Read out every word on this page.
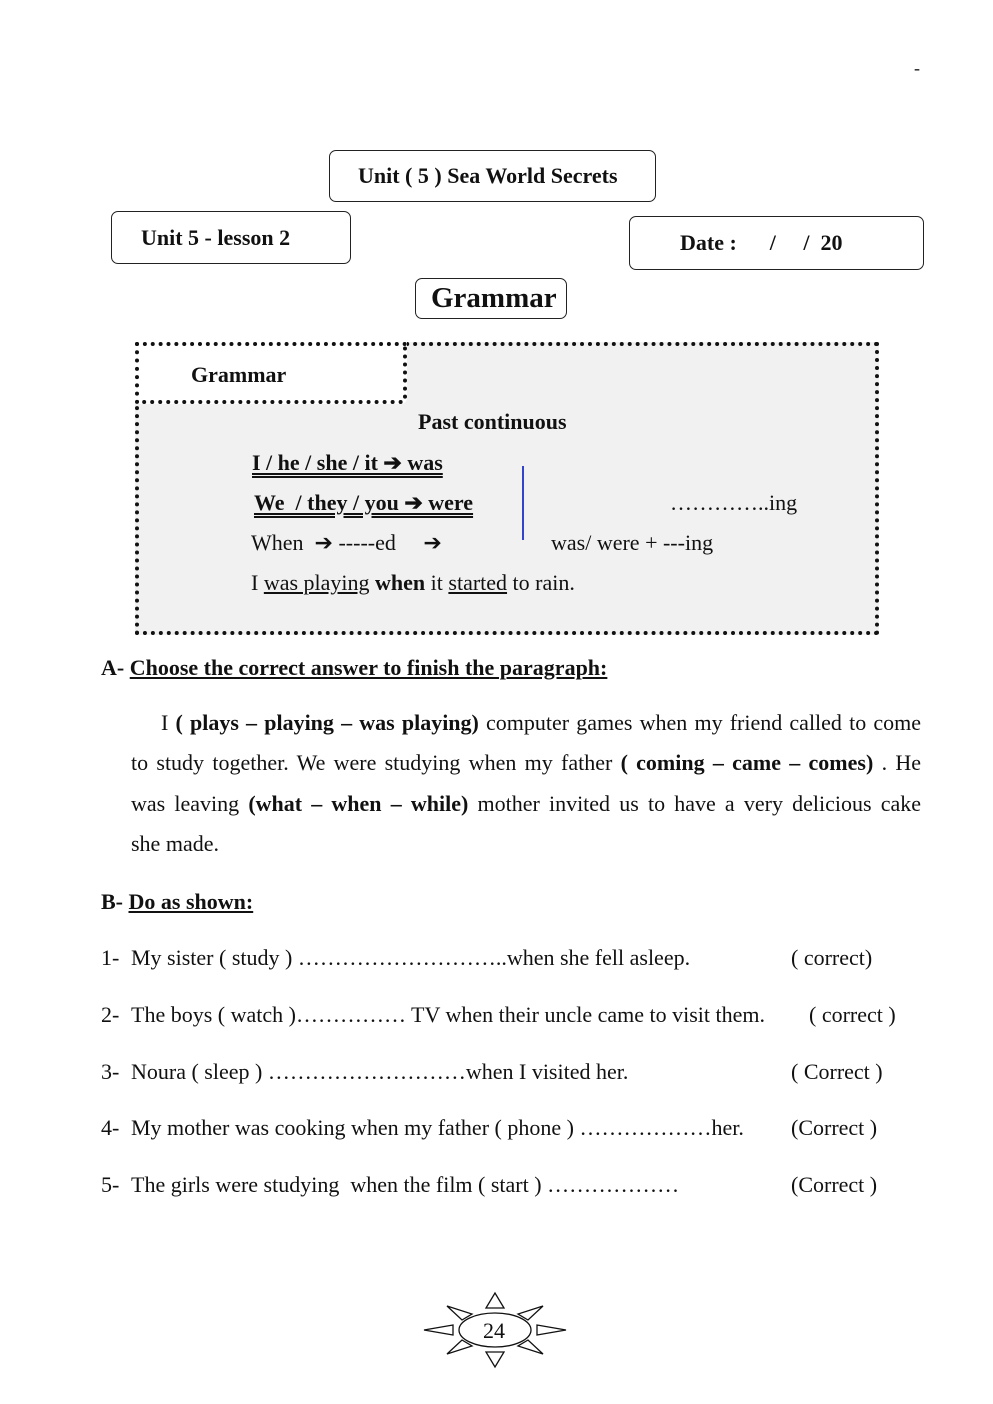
-
Unit ( 5 ) Sea World Secrets
Unit 5 - lesson 2	Date :      /     /  20
Grammar
Grammar
Past continuous
I / he / she / it ➔ was
We  / they / you ➔ were	…………..ing
When  ➔ -----ed     ➔	was/ were + ---ing
I was playing when it started to rain.
A- Choose the correct answer to finish the paragraph:
I ( plays – playing – was playing) computer games when my friend called to come
to study together. We were studying when my father ( coming – came – comes) . He
was leaving (what – when – while) mother invited us to have a very delicious cake
she made.
B- Do as shown:
1- My sister ( study ) ………………………..when she fell asleep.	( correct)
2- The boys ( watch )…………… TV when their uncle came to visit them. ( correct )
3- Noura ( sleep ) ………………………when I visited her.	( Correct )
4- My mother was cooking when my father ( phone ) ………………her. (Correct )
5- The girls were studying  when the film ( start ) ………………	(Correct )
24
